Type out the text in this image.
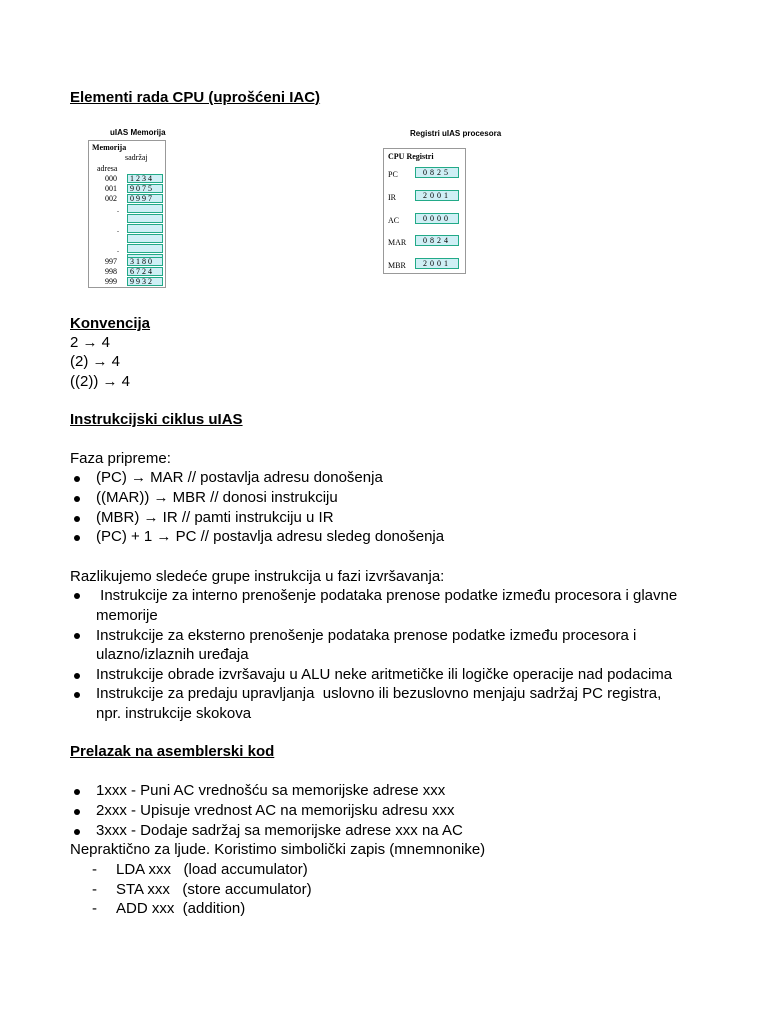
Elementi rada CPU (uprošćeni IAC)
uIAS Memorija
Memorija
sadržaj
adresa
000	1234
001	9075
002	0997
.
.
.
997	3180
998	6724
999	9932
Registri uIAS procesora
CPU Registri
PC	0825
IR	2001
AC	0000
MAR	0824
MBR	2001
Konvencija
2 → 4
(2) → 4
((2)) → 4
Instrukcijski ciklus uIAS
Faza pripreme:
(PC) → MAR // postavlja adresu donošenja
((MAR)) → MBR // donosi instrukciju
(MBR) → IR // pamti instrukciju u IR
(PC) + 1 → PC // postavlja adresu sledeg donošenja
Razlikujemo sledeće grupe instrukcija u fazi izvršavanja:
Instrukcije za interno prenošenje podataka prenose podatke između procesora i glavne
memorije
Instrukcije za eksterno prenošenje podataka prenose podatke između procesora i
ulazno/izlaznih uređaja
Instrukcije obrade izvršavaju u ALU neke aritmetičke ili logičke operacije nad podacima
Instrukcije za predaju upravljanja  uslovno ili bezuslovno menjaju sadržaj PC registra,
npr. instrukcije skokova
Prelazak na asemblerski kod
1xxx - Puni AC vrednošću sa memorijske adrese xxx
2xxx - Upisuje vrednost AC na memorijsku adresu xxx
3xxx - Dodaje sadržaj sa memorijske adrese xxx na AC
Nepraktično za ljude. Koristimo simbolički zapis (mnemnonike)
- LDA xxx   (load accumulator)
- STA xxx   (store accumulator)
- ADD xxx  (addition)
